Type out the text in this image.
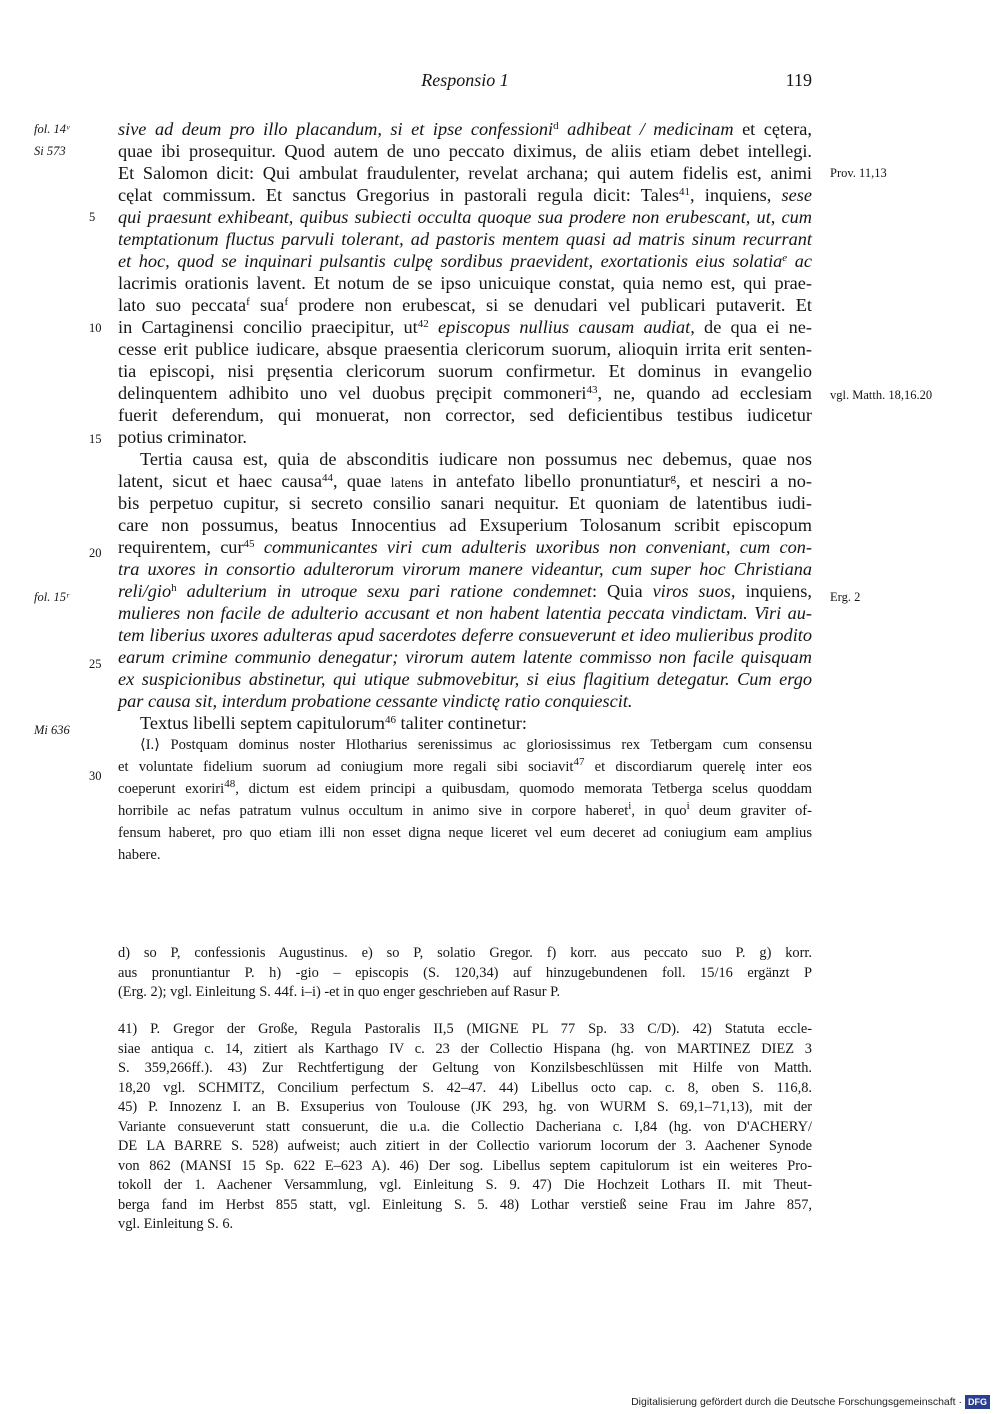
Responsio 1	119
fol. 14ᵛ
Si 573
fol. 15ʳ
Mi 636
Prov. 11,13
vgl. Matth. 18,16.20
Erg. 2
5
10
15
20
25
30
sive ad deum pro illo placandum, si et ipse confessioni$^d$ adhibeat / medicinam et cętera,
quae ibi prosequitur. Quod autem de uno peccato diximus, de aliis etiam debet intellegi.
Et Salomon dicit: Qui ambulat fraudulenter, revelat archana; qui autem fidelis est, animi
cęlat commissum. Et sanctus Gregorius in pastorali regula dicit: Tales$^{41}$, inquiens, sese
qui praesunt exhibeant, quibus subiecti occulta quoque sua prodere non erubescant, ut, cum
temptationum fluctus parvuli tolerant, ad pastoris mentem quasi ad matris sinum recurrant
et hoc, quod se inquinari pulsantis culpę sordibus praevident, exortationis eius solatia$^e$ ac
lacrimis orationis lavent. Et notum de se ipso unicuique constat, quia nemo est, qui prae-
lato suo peccata$^f$ sua$^f$ prodere non erubescat, si se denudari vel publicari putaverit. Et
in Cartaginensi concilio praecipitur, $ut^{42}$ episcopus nullius causam audiat, de qua ei ne-
cesse erit publice iudicare, absque praesentia clericorum suorum, alioquin irrita erit senten-
tia episcopi, nisi pręsentia clericorum suorum confirmetur. Et dominus in evangelio
delinquentem adhibito uno vel duobus pręcipit commoneri$^{43}$, ne, quando ad ecclesiam
fuerit deferendum, qui monuerat, non corrector, sed deficientibus testibus iudicetur
potius criminator.
Tertia causa est, quia de absconditis iudicare non possumus nec debemus, quae nos
latent, sicut et haec causa$^{44}$, quae latens in antefato libello pronuntiatur$^g$, et nesciri a no-
bis perpetuo cupitur, si secreto consilio sanari nequitur. Et quoniam de latentibus iudi-
care non possumus, beatus Innocentius ad Exsuperium Tolosanum scribit episcopum
requirentem, cur$^{45}$ communicantes viri cum adulteris uxoribus non conveniant, cum con-
tra uxores in consortio adulterorum virorum manere videantur, cum super hoc Christiana
reli/gio$^h$ adulterium in utroque sexu pari ratione condemnet: Quia viros suos, inquiens,
mulieres non facile de adulterio accusant et non habent latentia peccata vindictam. Viri au-
tem liberius uxores adulteras apud sacerdotes deferre consueverunt et ideo mulieribus prodito
earum crimine communio denegatur; virorum autem latente commisso non facile quisquam
ex suspicionibus abstinetur, qui utique submovebitur, si eius flagitium detegatur. Cum ergo
par causa sit, interdum probatione cessante vindictę ratio conquiescit.
Textus libelli septem capitulorum$^{46}$ taliter continetur:
⟨I.⟩ Postquam dominus noster Hlotharius serenissimus ac gloriosissimus rex Tetbergam cum consensu
et voluntate fidelium suorum ad coniugium more regali sibi sociavit$^{47}$ et discordiarum querelę inter eos
coeperunt exoriri$^{48}$, dictum est eidem principi a quibusdam, quomodo memorata Tetberga scelus quoddam
horribile ac nefas patratum vulnus occultum in animo sive in corpore haberet$^i$, in quo$^i$ deum graviter of-
fensum haberet, pro quo etiam illi non esset digna neque liceret vel eum deceret ad coniugium eam amplius
habere.
d) so P, confessionis Augustinus. e) so P, solatio Gregor. f) korr. aus peccato suo P. g) korr.
aus pronuntiantur P. h) -gio – episcopis (S. 120,34) auf hinzugebundenen foll. 15/16 ergänzt P
(Erg. 2); vgl. Einleitung S. 44f. i–i) -et in quo enger geschrieben auf Rasur P.
41) P. Gregor der Große, Regula Pastoralis II,5 (MIGNE PL 77 Sp. 33 C/D). 42) Statuta eccle-
siae antiqua c. 14, zitiert als Karthago IV c. 23 der Collectio Hispana (hg. von MARTINEZ DIEZ 3
S. 359,266ff.). 43) Zur Rechtfertigung der Geltung von Konzilsbeschlüssen mit Hilfe von Matth.
18,20 vgl. SCHMITZ, Concilium perfectum S. 42–47. 44) Libellus octo cap. c. 8, oben S. 116,8.
45) P. Innozenz I. an B. Exsuperius von Toulouse (JK 293, hg. von WURM S. 69,1–71,13), mit der
Variante consueverunt statt consuerunt, die u.a. die Collectio Dacheriana c. I,84 (hg. von D'ACHERY/
DE LA BARRE S. 528) aufweist; auch zitiert in der Collectio variorum locorum der 3. Aachener Synode
von 862 (MANSI 15 Sp. 622 E–623 A). 46) Der sog. Libellus septem capitulorum ist ein weiteres Pro-
tokoll der 1. Aachener Versammlung, vgl. Einleitung S. 9. 47) Die Hochzeit Lothars II. mit Theut-
berga fand im Herbst 855 statt, vgl. Einleitung S. 5. 48) Lothar verstieß seine Frau im Jahre 857,
vgl. Einleitung S. 6.
Digitalisierung gefördert durch die Deutsche Forschungsgemeinschaft · DFG
